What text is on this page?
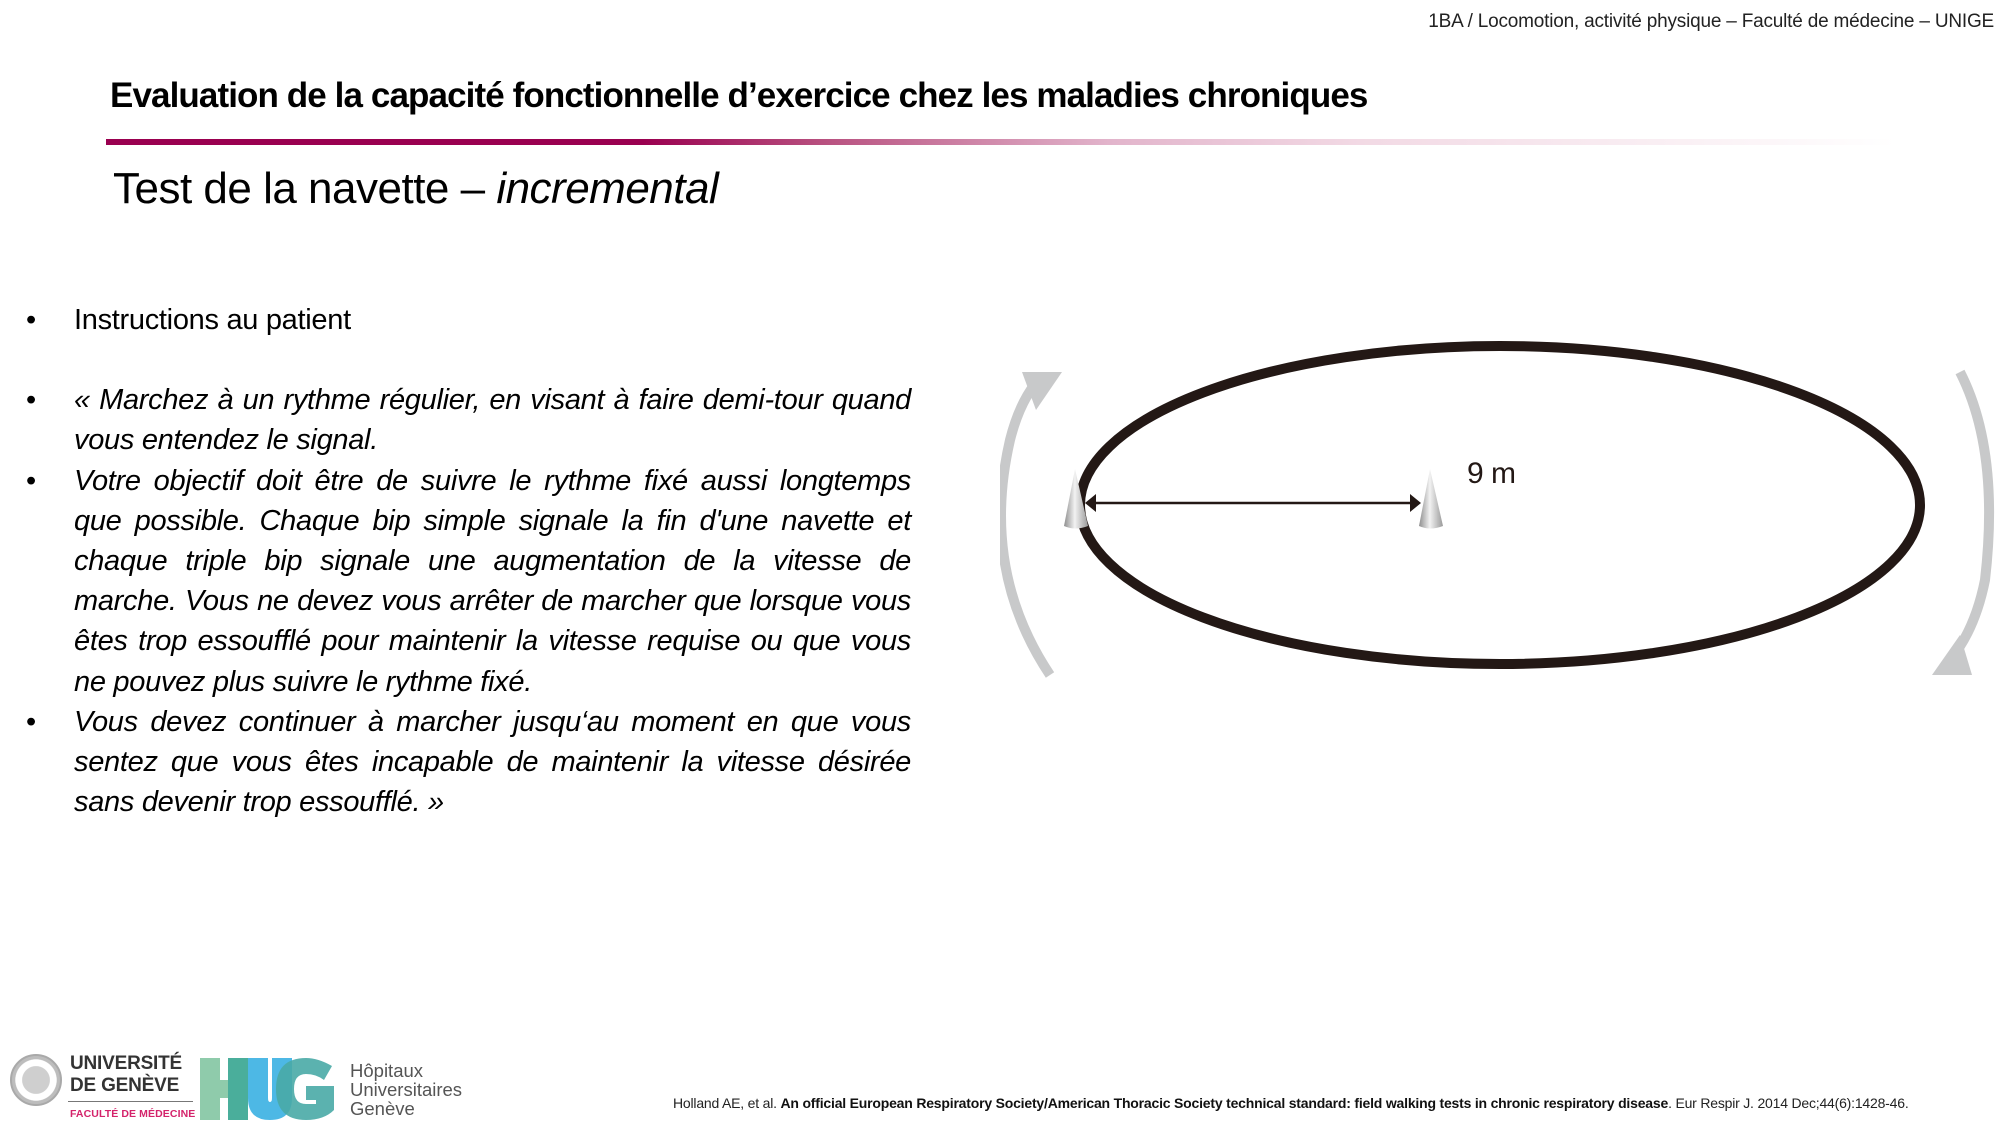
1BA / Locomotion, activité physique – Faculté de médecine – UNIGE
Evaluation de la capacité fonctionnelle d’exercice chez les maladies chroniques
Test de la navette – incremental
• Instructions au patient
• « Marchez à un rythme régulier, en visant à faire demi-tour quand vous entendez le signal.
• Votre objectif doit être de suivre le rythme fixé aussi longtemps que possible. Chaque bip simple signale la fin d'une navette et chaque triple bip signale une augmentation de la vitesse de marche. Vous ne devez vous arrêter de marcher que lorsque vous êtes trop essoufflé pour maintenir la vitesse requise ou que vous ne pouvez plus suivre le rythme fixé.
• Vous devez continuer à marcher jusqu‘au moment en que vous sentez que vous êtes incapable de maintenir la vitesse désirée sans devenir trop essoufflé. »
9 m
UNIVERSITÉ
DE GENÈVE
FACULTÉ DE MÉDECINE
Hôpitaux
Universitaires
Genève	Holland AE, et al. An official European Respiratory Society/American Thoracic Society technical standard: field walking tests in chronic respiratory disease. Eur Respir J. 2014 Dec;44(6):1428-46.
